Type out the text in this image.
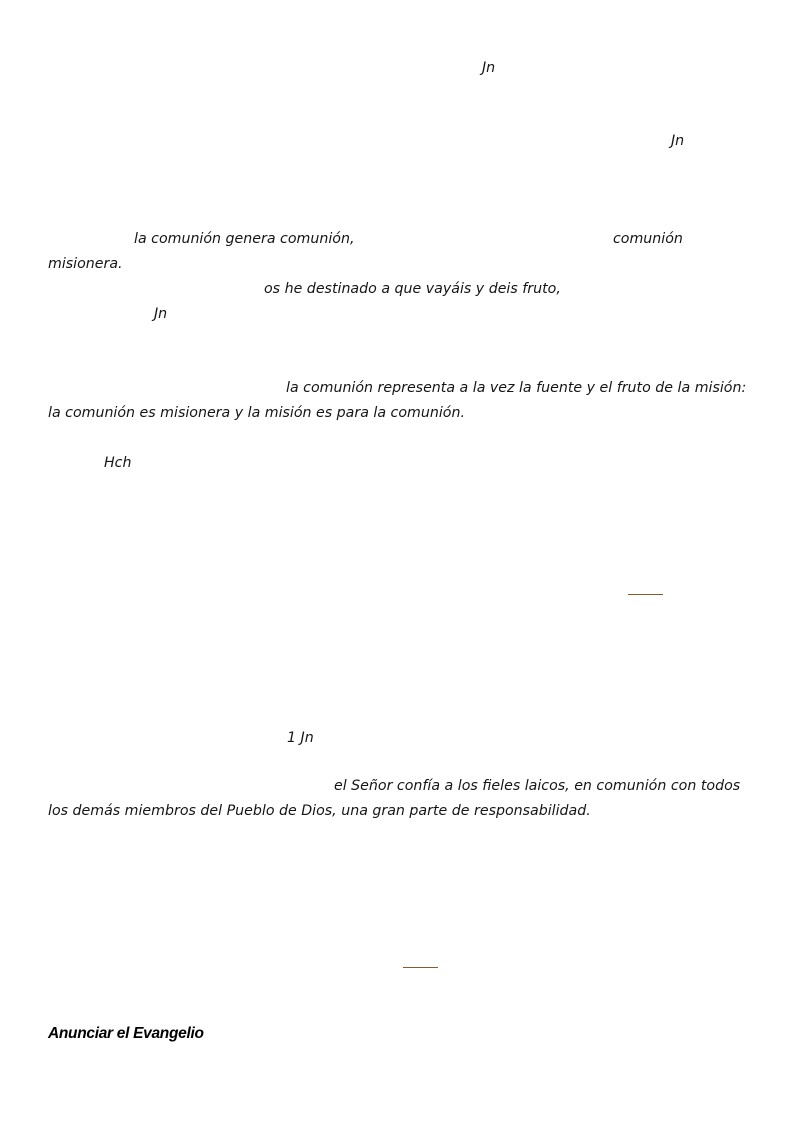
Jn
Jn
la comunión genera comunión,	comunión
misionera.
os he destinado a que vayáis y deis fruto,
Jn
la comunión representa a la vez la fuente y el fruto de la misión:
la comunión es misionera y la misión es para la comunión.
Hch
1 Jn
el Señor confía a los fieles laicos, en comunión con todos
los demás miembros del Pueblo de Dios, una gran parte de responsabilidad.
Anunciar el Evangelio
